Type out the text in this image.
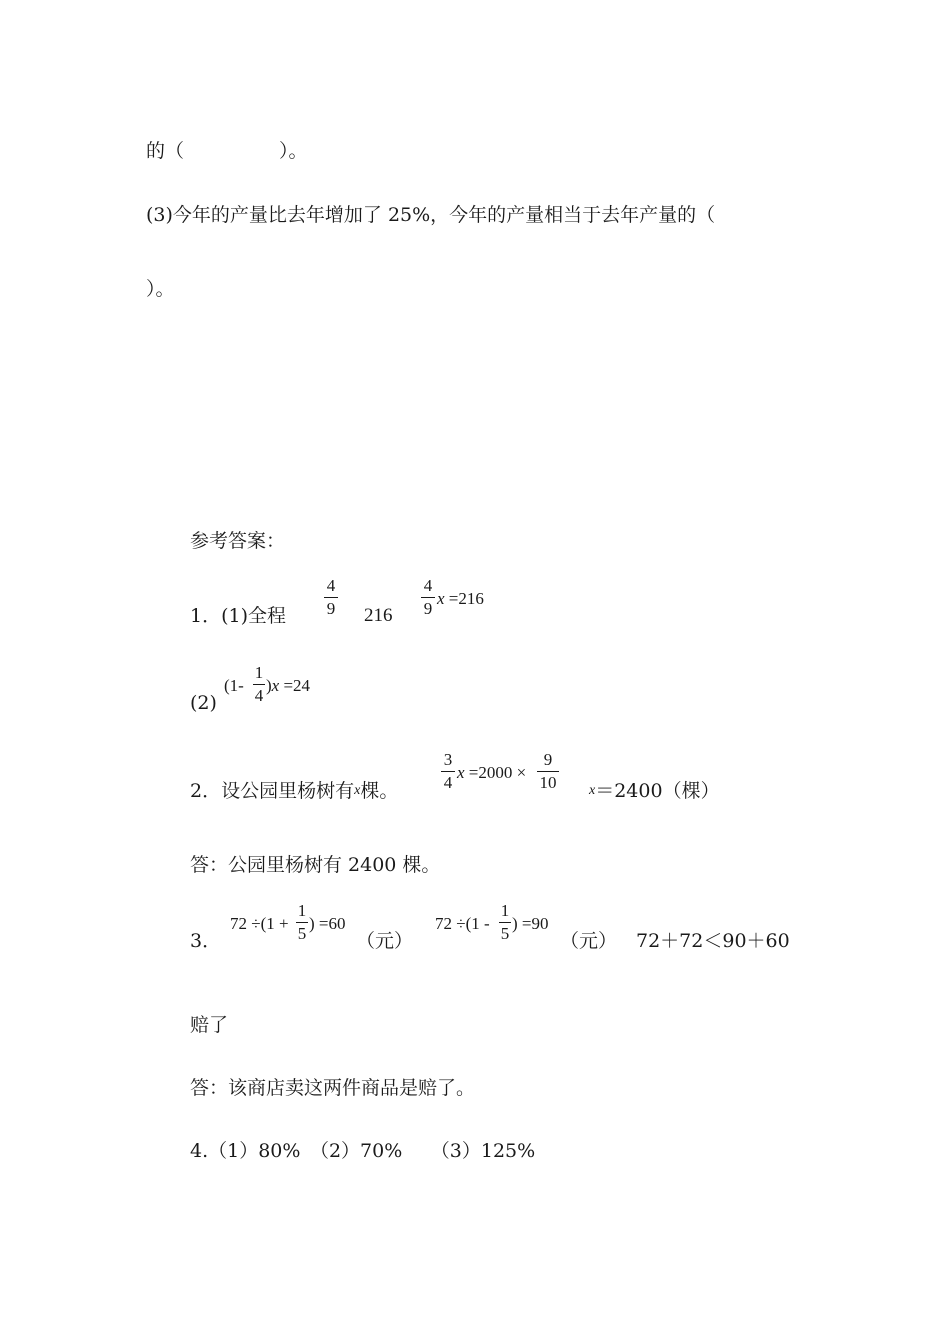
的（　　　　　）。
(3)今年的产量比去年增加了 25%，今年的产量相当于去年产量的（
）。
参考答案：
1．(1)全程
4
9 216
4
9
x =216
(2)
(1-
1
4
)x =24
2．设公园里杨树有x棵。
3
4
x =2000 ×
9
10 x＝2400（棵）
答：公园里杨树有 2400 棵。
3．
72 ÷(1 +
1
5
) =60
（元）
72 ÷(1 -
1
5
) =90
（元） 72＋72＜90＋60
赔了
答：该商店卖这两件商品是赔了。
4.（1）80%　（2）70%　　（3）125%
